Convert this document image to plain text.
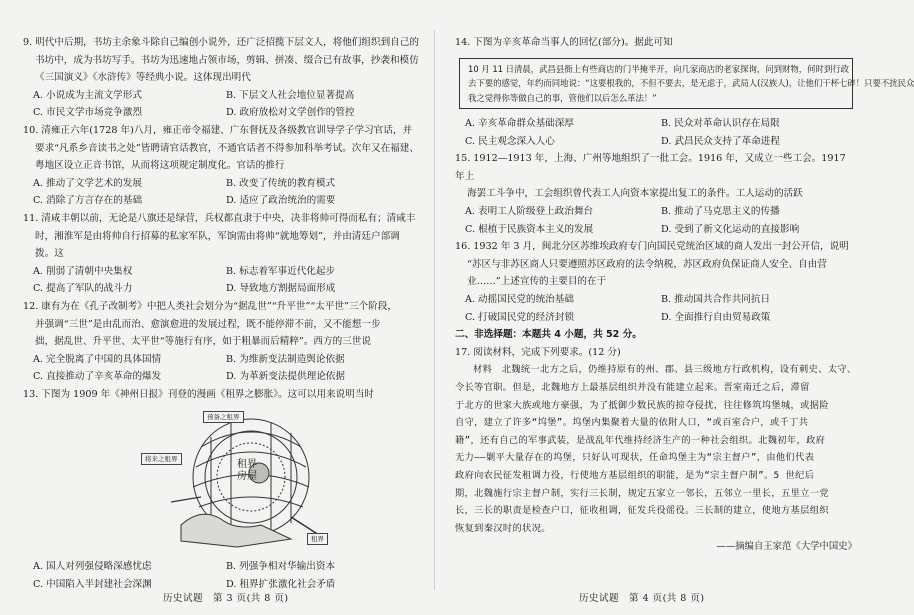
9. 明代中后期，书坊主余象斗除自己编创小说外，还广泛招揽下层文人，将他们组织到自己的
书坊中，成为书坊写手。书坊为迅速地占领市场，剪辑、拼凑、缀合已有故事，抄袭和模仿
《三国演义》《水浒传》等经典小说。这体现出明代
A. 小说成为主流文学形式	B. 下层文人社会地位显著提高
C. 市民文学市场竞争激烈	D. 政府放松对文学创作的管控
10. 清雍正六年(1728 年)八月，雍正帝令福建、广东督抚及各级教官训导学子学习官话，并
要求“凡系乡音读书之处”皆聘请官话教官，不通官话者不得参加科举考试。次年又在福建、
粤地区设立正音书馆，从而将这项规定制度化。官话的推行
A. 推动了文学艺术的发展	B. 改变了传统的教育模式
C. 消除了方言存在的基础	D. 适应了政治统治的需要
11. 清咸丰朝以前，无论是八旗还是绿营，兵权都直隶于中央，决非将帅可得而私有；清咸丰
时，湘淮军是由将帅自行招募的私家军队，军饷需由将帅“就地筹划”，并由清廷户部调
拨。这
A. 削弱了清朝中央集权	B. 标志着军事近代化起步
C. 提高了军队的战斗力	D. 导致地方割据局面形成
12. 康有为在《孔子改制考》中把人类社会划分为“据乱世”“升平世”“太平世”三个阶段，
并强调“三世”是由乱而治、愈演愈进的发展过程，既不能停滞不前，又不能想一步
拙，据乱世、升平世、太平世“等施行有序，如于粗暴而后精粹”。西方的三世说
A. 完全脱离了中国的具体国情	B. 为维新变法制造舆论依据
C. 直接推动了辛亥革命的爆发	D. 为革新变法提供理论依据
13. 下图为 1909 年《神州日报》刊登的漫画《租界之膨胀》。这可以用来说明当时
预备之租界
将来之租界
租界
租界
房屋
A. 国人对列强侵略深感忧虑	B. 列强争相对华输出资本
C. 中国陷入半封建社会深渊	D. 租界扩张激化社会矛盾
历史试题　第 3 页(共 8 页)
14. 下图为辛亥革命当事人的回忆(部分)。据此可知
10 月 11 日清晨，武昌县衙上有些商店的门半掩半开，向几家商店的老家探询，问到财物，何时到行政
去下要的感觉，年约而同地说：“这要根我的，不但不要去，是无虑于，武局人(汉族人)，让他们干杯七碎！只要不扰民众
我之觉得你等做自己的事，管他们以后怎么革法！”
A. 辛亥革命群众基础深厚	B. 民众对革命认识存在局限
C. 民主观念深入人心	D. 武昌民众支持了革命进程
15. 1912—1913 年，上海、广州等地组织了一批工会。1916 年，又成立一些工会。1917 年上
海罢工斗争中，工会组织曾代表工人向资本家提出复工的条件。工人运动的活跃
A. 表明工人阶级登上政治舞台	B. 推动了马克思主义的传播
C. 根植于民族资本主义的发展	D. 受到了新文化运动的直接影响
16. 1932 年 3 月，闽北分区苏维埃政府专门向国民党统治区域的商人发出一封公开信，说明
“苏区与非苏区商人只要遵照苏区政府的法令纳税，苏区政府负保证商人安全、自由营
业……”上述宣传的主要目的在于
A. 动摇国民党的统治基础	B. 推动国共合作共同抗日
C. 打破国民党的经济封锁	D. 全面推行自由贸易政策
二、非选择题：本题共 4 小题，共 52 分。
17. 阅读材料，完成下列要求。(12 分)
材料　北魏统一北方之后，仍维持原有的州、郡、县三级地方行政机构，设有刺史、太守、
令长等官职。但是，北魏地方上最基层组织并没有能建立起来。晋室南迁之后，滞留
于北方的世家大族或地方豪强，为了抵御少数民族的掠夺侵扰，往往修筑坞堡城，或据险
自守，建立了许多“坞堡”。坞堡内集聚着大量的依附人口，“或百室合户，或千丁共
籍”，还有自己的军事武装，是战乱年代维持经济生产的一种社会组织。北魏初年，政府
无力——剿平大量存在的坞堡，只好认可现状，任命坞堡主为“宗主督户”，由他们代表
政府向农民征发租调力役，行使地方基层组织的职能，是为“宗主督户制”。5 世纪后
期，北魏施行宗主督户制，实行三长制，规定五家立一邻长，五邻立一里长，五里立一党
长，三长的职责是检查户口，征收租调，征发兵役徭役。三长制的建立，使地方基层组织
恢复到秦汉时的状况。
——摘编自王家范《大学中国史》
历史试题　第 4 页(共 8 页)
